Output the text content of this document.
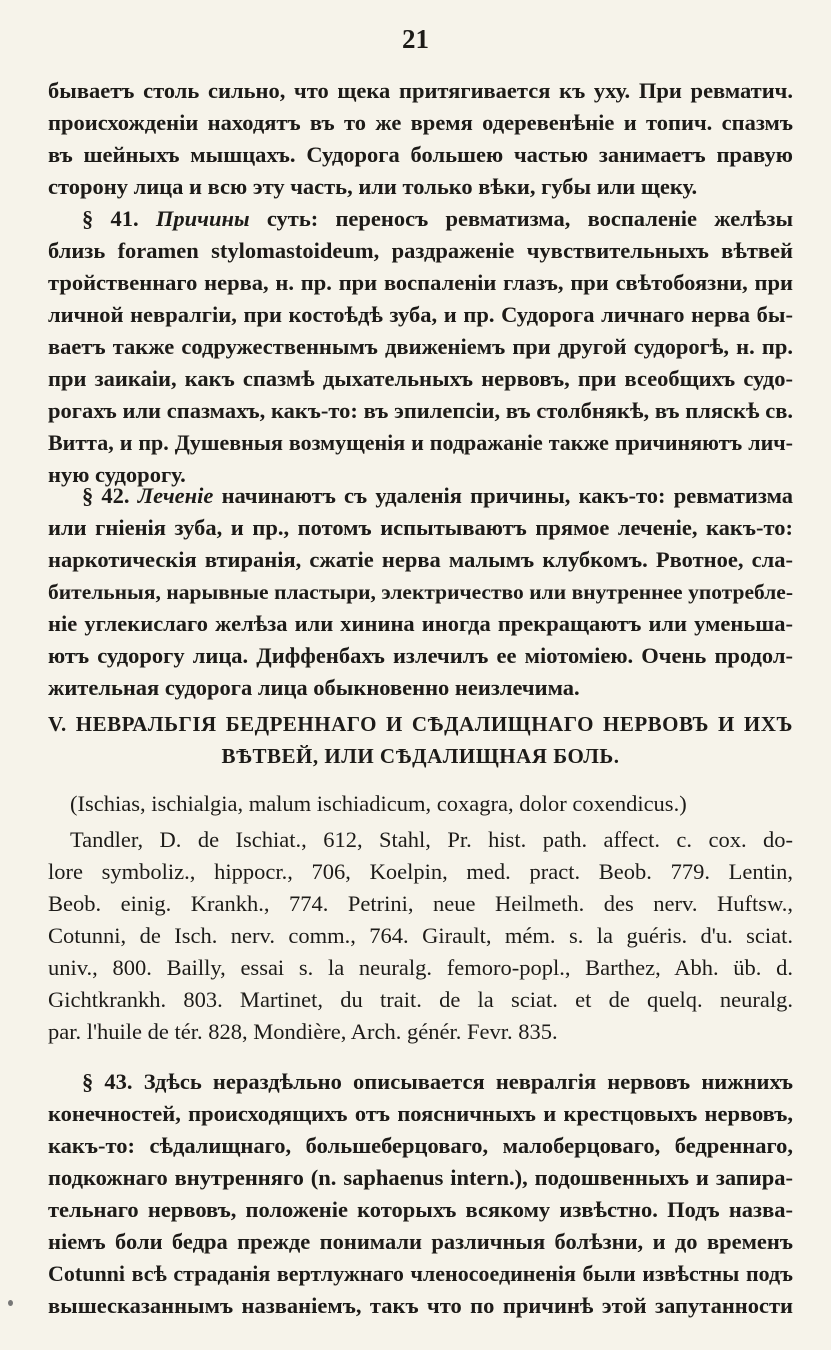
21
бываетъ столь сильно, что щека притягивается къ уху. При ревматич.
происхожденіи находятъ въ то же время одеревенѣніе и топич. спазмъ
въ шейныхъ мышцахъ. Судорога большею частью занимаетъ правую
сторону лица и всю эту часть, или только вѣки, губы или щеку.
§ 41. Причины суть: переносъ ревматизма, воспаленіе желѣзы
близь foramen stylomastoideum, раздраженіе чувствительныхъ вѣтвей
тройственнаго нерва, н. пр. при воспаленіи глазъ, при свѣтобоязни, при
личной невралгіи, при костоѣдѣ зуба, и пр. Судорога личнаго нерва бы-
ваетъ также содружественнымъ движеніемъ при другой судорогѣ, н. пр.
при заикаіи, какъ спазмѣ дыхательныхъ нервовъ, при всеобщихъ судо-
рогахъ или спазмахъ, какъ-то: въ эпилепсіи, въ столбнякѣ, въ пляскѣ св.
Витта, и пр. Душевныя возмущенія и подражаніе также причиняютъ лич-
ную судорогу.
§ 42. Леченіе начинаютъ съ удаленія причины, какъ-то: ревматизма
или гніенія зуба, и пр., потомъ испытываютъ прямое леченіе, какъ-то:
наркотическія втиранія, сжатіе нерва малымъ клубкомъ. Рвотное, сла-
бительныя, нарывные пластыри, электричество или внутреннее употребле-
ніе углекислаго желѣза или хинина иногда прекращаютъ или уменьша-
ютъ судорогу лица. Диффенбахъ излечилъ ее міотоміею. Очень продол-
жительная судорога лица обыкновенно неизлечима.
V. НЕВРАЛЬГІЯ БЕДРЕННАГО И СѢДАЛИЩНАГО НЕРВОВЪ И ИХЪ
ВѢТВЕЙ, ИЛИ СѢДАЛИЩНАЯ БОЛЬ.
(Ischias, ischialgia, malum ischiadicum, coxagra, dolor coxendicus.)
Tandler, D. de Ischiat., 612, Stahl, Pr. hist. path. affect. c. cox. do-
lore symboliz., hippocr., 706, Koelpin, med. pract. Beob. 779. Lentin,
Beob. einig. Krankh., 774. Petrini, neue Heilmeth. des nerv. Huftsw.,
Cotunni, de Isch. nerv. comm., 764. Girault, mém. s. la guéris. d'u. sciat.
univ., 800. Bailly, essai s. la neuralg. femoro-popl., Barthez, Abh. üb. d.
Gichtkrankh. 803. Martinet, du trait. de la sciat. et de quelq. neuralg.
par. l'huile de tér. 828, Mondière, Arch. génér. Fevr. 835.
§ 43. Здѣсь нераздѣльно описывается невралгія нервовъ нижнихъ
конечностей, происходящихъ отъ поясничныхъ и крестцовыхъ нервовъ,
какъ-то: сѣдалищнаго, большеберцоваго, малоберцоваго, бедреннаго,
подкожнаго внутренняго (n. saphaenus intern.), подошвенныхъ и запира-
тельнаго нервовъ, положеніе которыхъ всякому извѣстно. Подъ назва-
ніемъ боли бедра прежде понимали различныя болѣзни, и до временъ
Cotunni всѣ страданія вертлужнаго членосоединенія были извѣстны подъ
вышесказаннымъ названіемъ, такъ что по причинѣ этой запутанности
